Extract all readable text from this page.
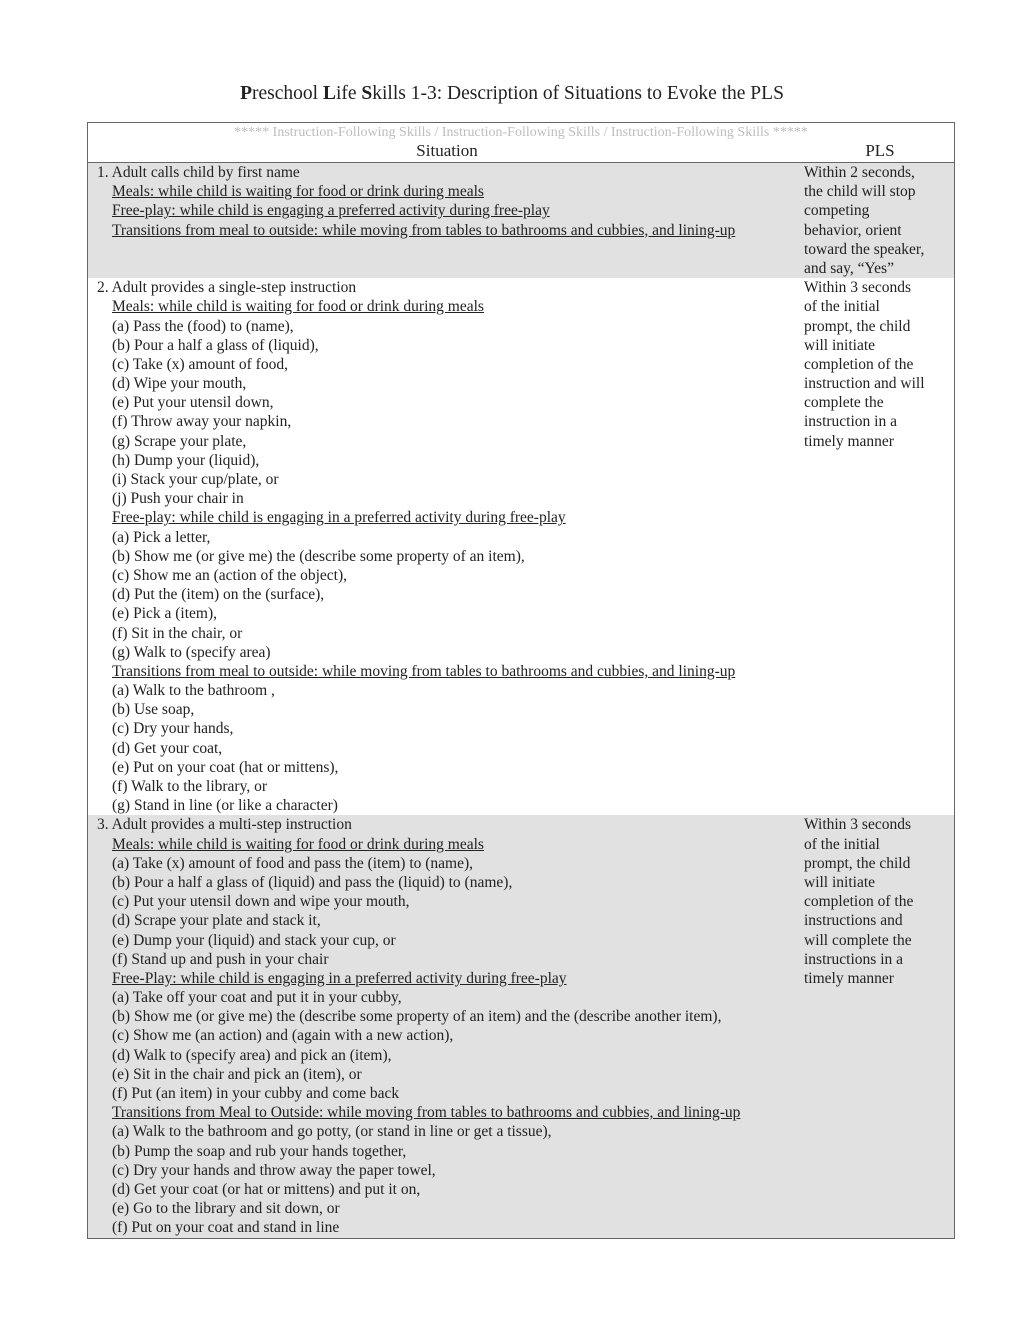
Preschool Life Skills 1-3: Description of Situations to Evoke the PLS
***** Instruction-Following Skills / Instruction-Following Skills / Instruction-Following Skills *****
Situation	PLS
1. Adult calls child by first name
Meals: while child is waiting for food or drink during meals
Free-play: while child is engaging a preferred activity during free-play
Transitions from meal to outside: while moving from tables to bathrooms and cubbies, and lining-up
Within 2 seconds,
the child will stop
competing
behavior, orient
toward the speaker,
and say, “Yes”
2. Adult provides a single-step instruction
Meals: while child is waiting for food or drink during meals
(a) Pass the (food) to (name),
(b) Pour a half a glass of (liquid),
(c) Take (x) amount of food,
(d) Wipe your mouth,
(e) Put your utensil down,
(f) Throw away your napkin,
(g) Scrape your plate,
(h) Dump your (liquid),
(i) Stack your cup/plate, or
(j) Push your chair in
Free-play: while child is engaging in a preferred activity during free-play
(a) Pick a letter,
(b) Show me (or give me) the (describe some property of an item),
(c) Show me an (action of the object),
(d) Put the (item) on the (surface),
(e) Pick a (item),
(f) Sit in the chair, or
(g) Walk to (specify area)
Transitions from meal to outside: while moving from tables to bathrooms and cubbies, and lining-up
(a) Walk to the bathroom ,
(b) Use soap,
(c) Dry your hands,
(d) Get your coat,
(e) Put on your coat (hat or mittens),
(f) Walk to the library, or
(g) Stand in line (or like a character)
Within 3 seconds
of the initial
prompt, the child
will initiate
completion of the
instruction and will
complete the
instruction in a
timely manner
3. Adult provides a multi-step instruction
Meals: while child is waiting for food or drink during meals
(a) Take (x) amount of food and pass the (item) to (name),
(b) Pour a half a glass of (liquid) and pass the (liquid) to (name),
(c) Put your utensil down and wipe your mouth,
(d) Scrape your plate and stack it,
(e) Dump your (liquid) and stack your cup, or
(f) Stand up and push in your chair
Free-Play: while child is engaging in a preferred activity during free-play
(a) Take off your coat and put it in your cubby,
(b) Show me (or give me) the (describe some property of an item) and the (describe another item),
(c) Show me (an action) and (again with a new action),
(d) Walk to (specify area) and pick an (item),
(e) Sit in the chair and pick an (item), or
(f) Put (an item) in your cubby and come back
Transitions from Meal to Outside: while moving from tables to bathrooms and cubbies, and lining-up
(a) Walk to the bathroom and go potty, (or stand in line or get a tissue),
(b) Pump the soap and rub your hands together,
(c) Dry your hands and throw away the paper towel,
(d) Get your coat (or hat or mittens) and put it on,
(e) Go to the library and sit down, or
(f) Put on your coat and stand in line
Within 3 seconds
of the initial
prompt, the child
will initiate
completion of the
instructions and
will complete the
instructions in a
timely manner
